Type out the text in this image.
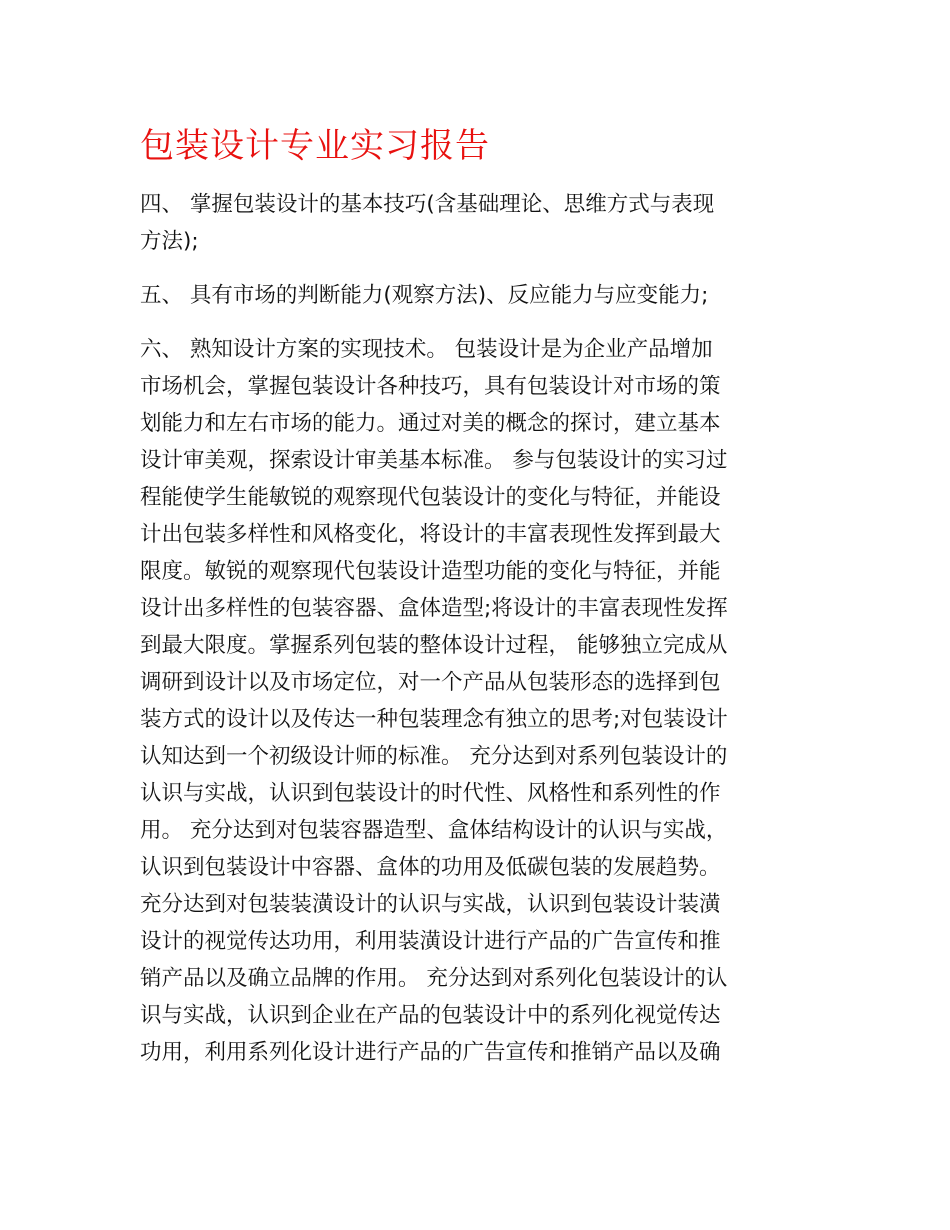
包装设计专业实习报告

四、 掌握包装设计的基本技巧(含基础理论、思维方式与表现
方法);

五、 具有市场的判断能力(观察方法)、反应能力与应变能力;

六、 熟知设计方案的实现技术。 包装设计是为企业产品增加
市场机会，掌握包装设计各种技巧，具有包装设计对市场的策
划能力和左右市场的能力。通过对美的概念的探讨，建立基本
设计审美观，探索设计审美基本标准。 参与包装设计的实习过
程能使学生能敏锐的观察现代包装设计的变化与特征，并能设
计出包装多样性和风格变化，将设计的丰富表现性发挥到最大
限度。敏锐的观察现代包装设计造型功能的变化与特征，并能
设计出多样性的包装容器、盒体造型;将设计的丰富表现性发挥
到最大限度。掌握系列包装的整体设计过程， 能够独立完成从
调研到设计以及市场定位，对一个产品从包装形态的选择到包
装方式的设计以及传达一种包装理念有独立的思考;对包装设计
认知达到一个初级设计师的标准。 充分达到对系列包装设计的
认识与实战，认识到包装设计的时代性、风格性和系列性的作
用。 充分达到对包装容器造型、盒体结构设计的认识与实战，
认识到包装设计中容器、盒体的功用及低碳包装的发展趋势。
充分达到对包装装潢设计的认识与实战，认识到包装设计装潢
设计的视觉传达功用，利用装潢设计进行产品的广告宣传和推
销产品以及确立品牌的作用。 充分达到对系列化包装设计的认
识与实战，认识到企业在产品的包装设计中的系列化视觉传达
功用，利用系列化设计进行产品的广告宣传和推销产品以及确
